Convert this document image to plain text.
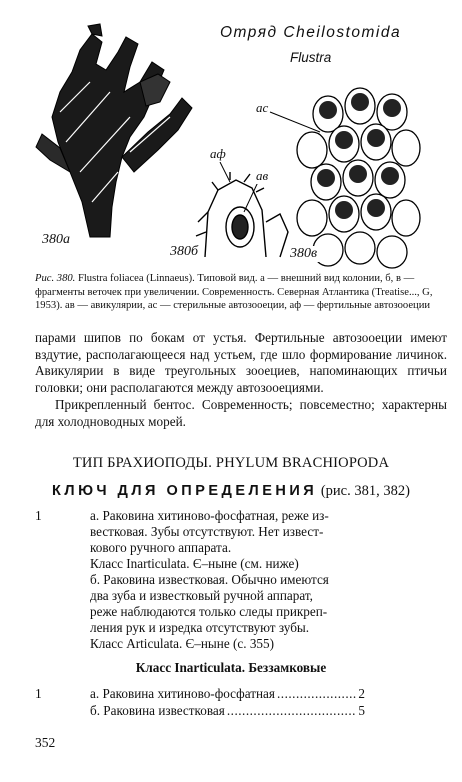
Отряд Cheilostomida
Flustra
380а
380б	380в
аф
ав
ас
Рис. 380. Flustra foliacea (Linnaeus). Типовой вид. а — внешний вид колонии, б, в — фрагменты веточек при увеличении. Современность. Северная Атлантика (Treatise..., G, 1953). ав — авикулярии, ас — стерильные автозооеции, аф — фертильные автозооеции
парами шипов по бокам от устья. Фертильные автозооеции имеют вздутие, располагающееся над устьем, где шло формирование личинок. Авикулярии в виде треугольных зооециев, напоминающих птичьи головки; они располагаются между автозооециями.
Прикрепленный бентос. Современность; повсеместно; характерны для холодноводных морей.
ТИП БРАХИОПОДЫ. PHYLUM BRACHIOPODA
КЛЮЧ ДЛЯ ОПРЕДЕЛЕНИЯ (рис. 381, 382)
1	а. Раковина хитиново-фосфатная, реже из-
вестковая. Зубы отсутствуют. Нет извест-
кового ручного аппарата.
Класс Inarticulata. Є–ныне (см. ниже)
б. Раковина известковая. Обычно имеются
два зуба и известковый ручной аппарат,
реже наблюдаются только следы прикреп-
ления рук и изредка отсутствуют зубы.
Класс Articulata. Є–ныне (с. 355)
Класс Inarticulata. Беззамковые
1	а. Раковина хитиново-фосфатная .....	2
б. Раковина известковая .....	5
352
